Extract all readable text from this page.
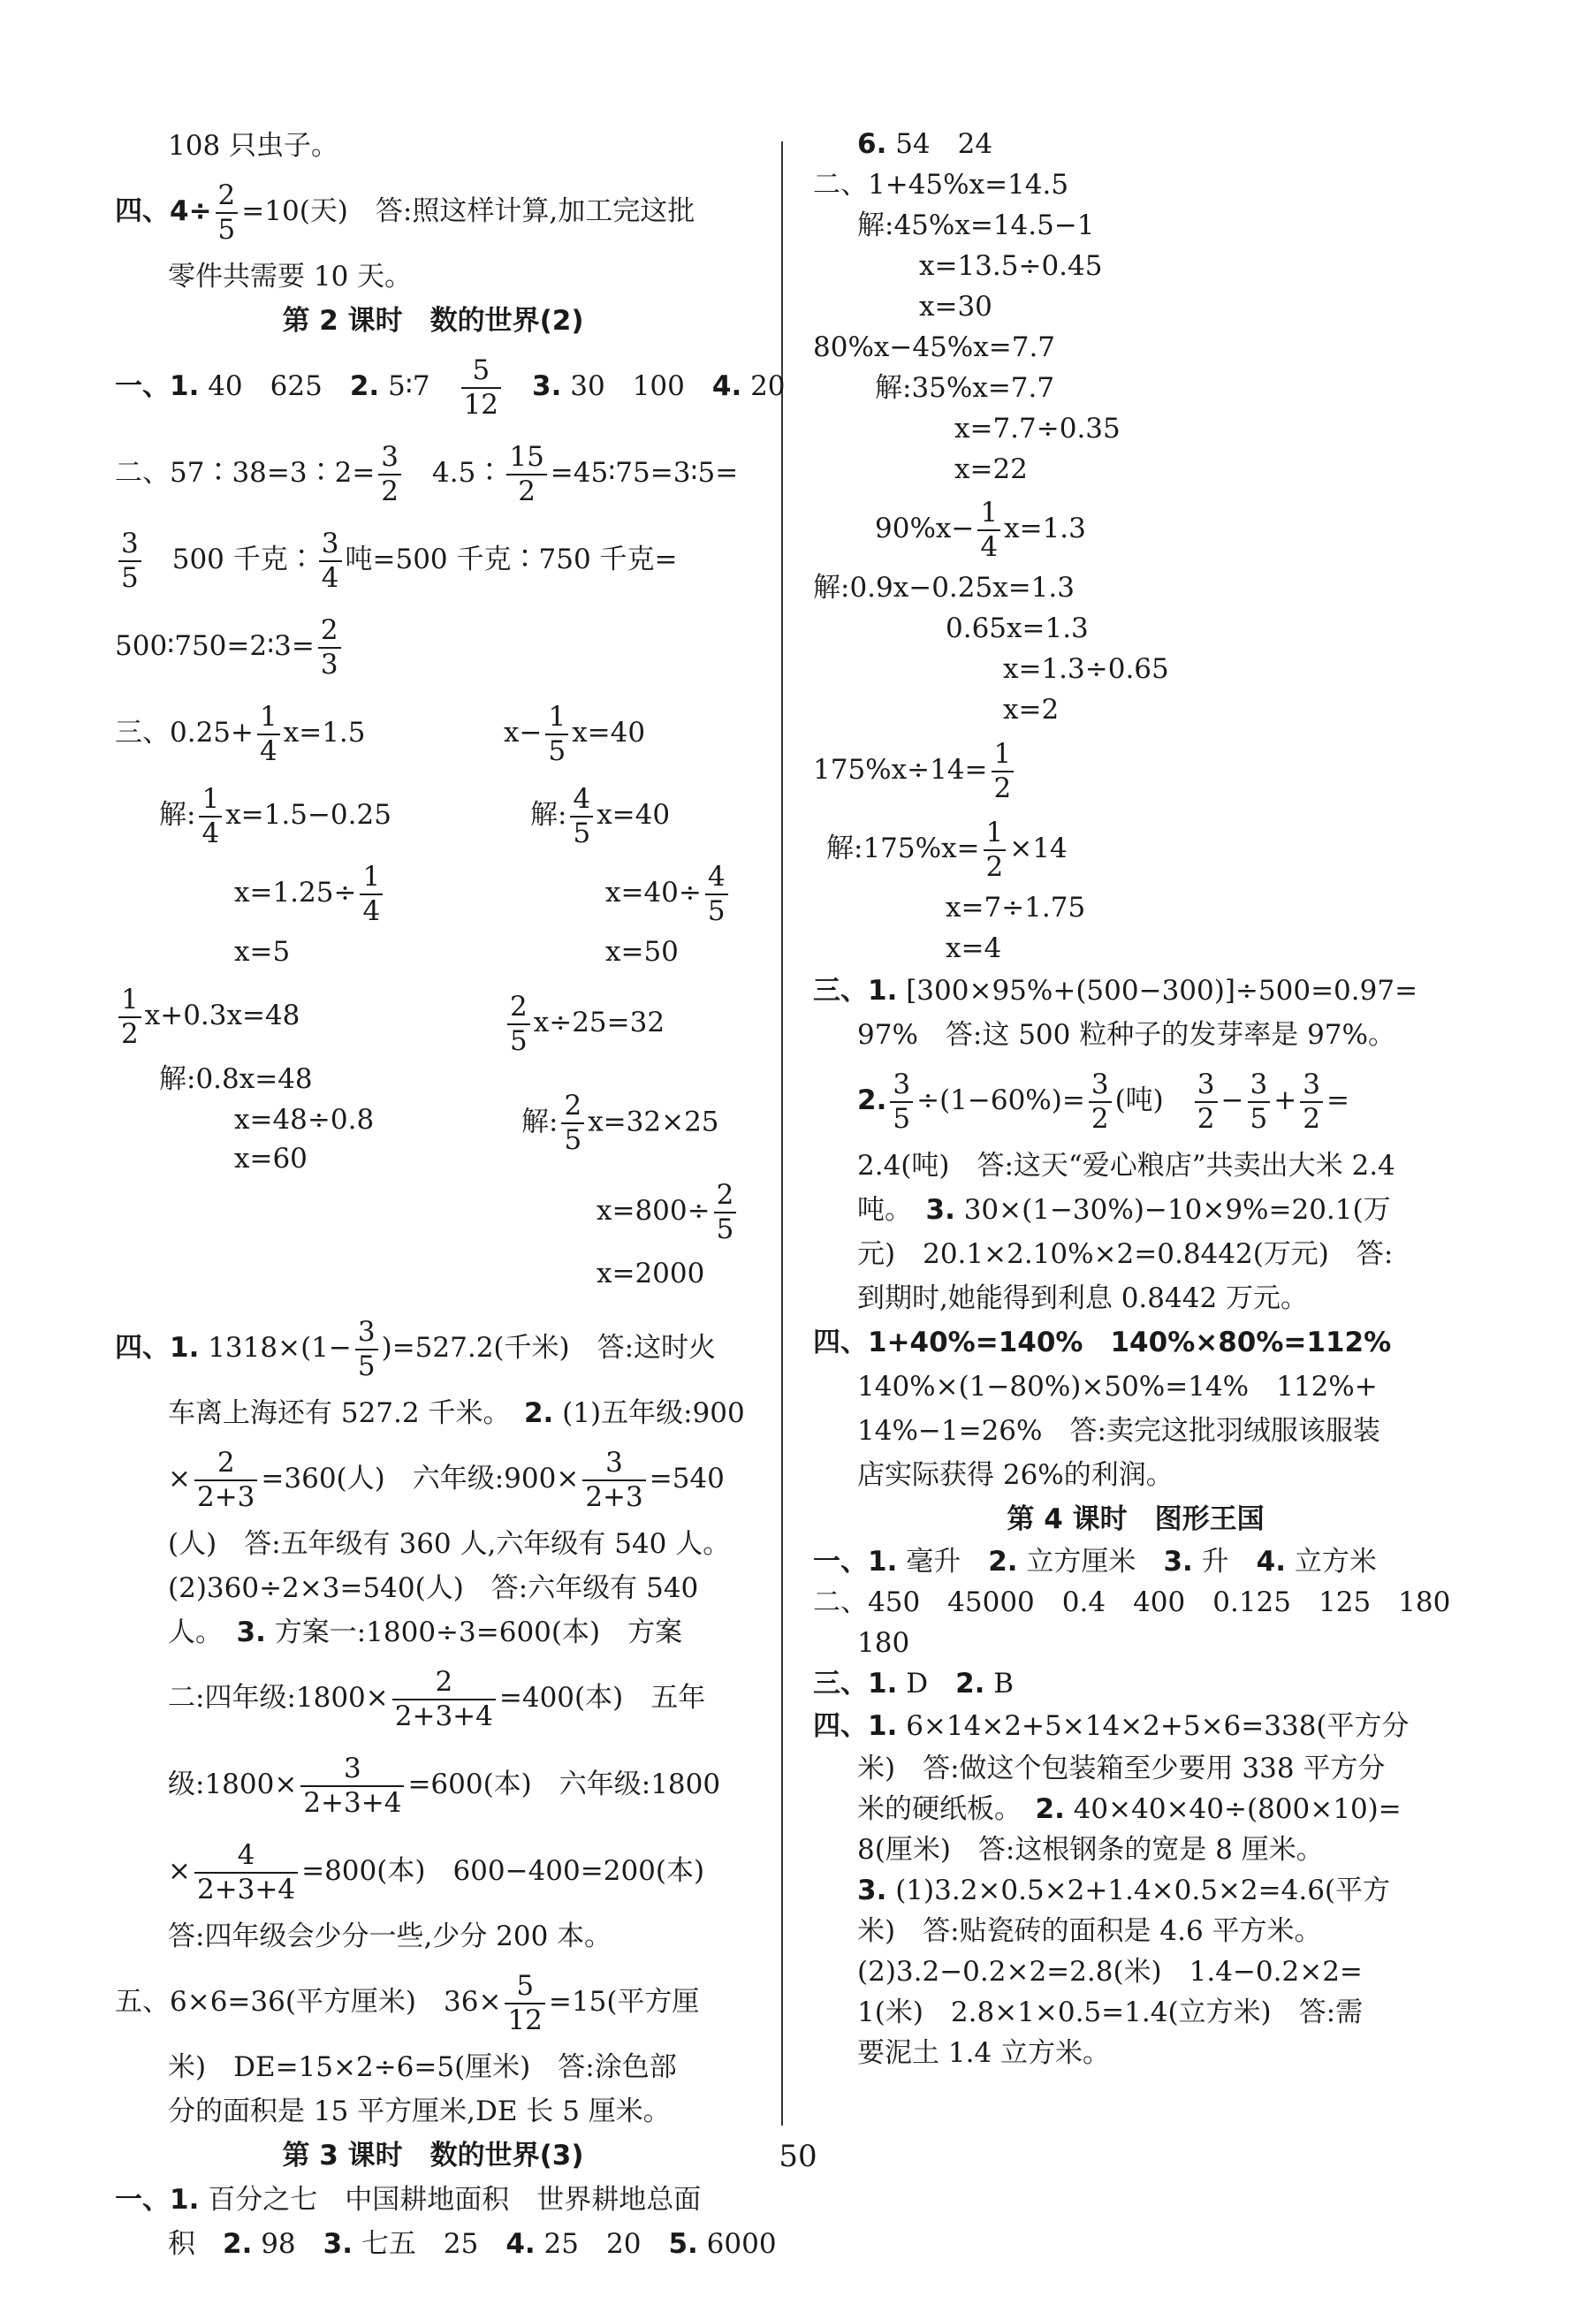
108 只虫子。
四、$4\div \frac{2}{5} =10$(天)　答:照这样计算,加工完这批
零件共需要 10 天。
第 2 课时　数的世界(2)
一、1. 40　625　2. 5∶7　 $\frac{5}{12}$
　 3. 30　100　4. 20
二、57∶38=3∶2= $\frac{3}{2}$ 　4.5∶ $\frac{15}{2}$ =45∶75=3∶5=
$\frac{3}{5}$ 　500 千克∶ $\frac{3}{4}$ 吨=500 千克∶750 千克=
500∶750=2∶3= $\frac{2}{3}$
三、$0.25+ \frac{1}{4} x=1.5$	$x- \frac{1}{5} x=40$
解: $\frac{1}{4} x=1.5-0.25$	解: $\frac{4}{5} x=40$
$x=1.25\div \frac{1}{4}$	$x=40\div \frac{4}{5}$
x=5	x=50
$\frac{1}{2} x+0.3x=48$	$\frac{2}{5} x\div 25=32$
解:0.8x=48
x=48÷0.8	解: $\frac{2}{5} x=32\times 25$
x=60
$x=800\div \frac{2}{5}$
x=2000
四、1. $1318\times(1- \frac{3}{5} )=527.2$(千米)　答:这时火
车离上海还有 527.2 千米。　2. (1)五年级:900
× $\frac{2}{2+3} =360$(人)　六年级:900× $\frac{3}{2+3} =540$
(人)　答:五年级有 360 人,六年级有 540 人。
(2)360÷2×3=540(人)　答:六年级有 540
人。　3. 方案一:1800÷3=600(本)　方案
二:四年级:1800× $\frac{2}{2+3+4} =400$(本)　五年
级:1800× $\frac{3}{2+3+4} =600$(本)　六年级:1800
× $\frac{4}{2+3+4} =800$(本)　600−400=200(本)
答:四年级会少分一些,少分 200 本。
五、6×6=36(平方厘米)　$36\times \frac{5}{12} =15$(平方厘
米)　DE=15×2÷6=5(厘米)　答:涂色部
分的面积是 15 平方厘米,DE 长 5 厘米。
第 3 课时　数的世界(3)
一、1. 百分之七　中国耕地面积　世界耕地总面
积　2. 98　3. 七五　25　4. 25　20　5. 6000
6. 54　24
二、1+45%x=14.5
解:45%x=14.5−1
x=13.5÷0.45
x=30
80%x−45%x=7.7
解:35%x=7.7
x=7.7÷0.35
x=22
$90\%x- \frac{1}{4} x=1.3$
解:0.9x−0.25x=1.3
0.65x=1.3
x=1.3÷0.65
x=2
$175\%x\div 14= \frac{1}{2}$
解:175%x= $\frac{1}{2} \times 14$
x=7÷1.75
x=4
三、1. [300×95%+(500−300)]÷500=0.97=
97%　答:这 500 粒种子的发芽率是 97%。
2. $\frac{3}{5} \div(1-60\%)= \frac{3}{2}$ (吨)　 $\frac{3}{2} - \frac{3}{5} + \frac{3}{2}$ =
2.4(吨)　答:这天“爱心粮店”共卖出大米 2.4
吨。　3. 30×(1−30%)−10×9%=20.1(万
元)　20.1×2.10%×2=0.8442(万元)　答:
到期时,她能得到利息 0.8442 万元。
四、1+40%=140%　140%×80%=112%
140%×(1−80%)×50%=14%　112%+
14%−1=26%　答:卖完这批羽绒服该服装
店实际获得 26%的利润。
第 4 课时　图形王国
一、1. 毫升　2. 立方厘米　3. 升　4. 立方米
二、450　45000　0.4　400　0.125　125　180
180
三、1. D　2. B
四、1. 6×14×2+5×14×2+5×6=338(平方分
米)　答:做这个包装箱至少要用 338 平方分
米的硬纸板。　2. 40×40×40÷(800×10)=
8(厘米)　答:这根钢条的宽是 8 厘米。
3. (1)3.2×0.5×2+1.4×0.5×2=4.6(平方
米)　答:贴瓷砖的面积是 4.6 平方米。
(2)3.2−0.2×2=2.8(米)　1.4−0.2×2=
1(米)　2.8×1×0.5=1.4(立方米)　答:需
要泥土 1.4 立方米。
50
